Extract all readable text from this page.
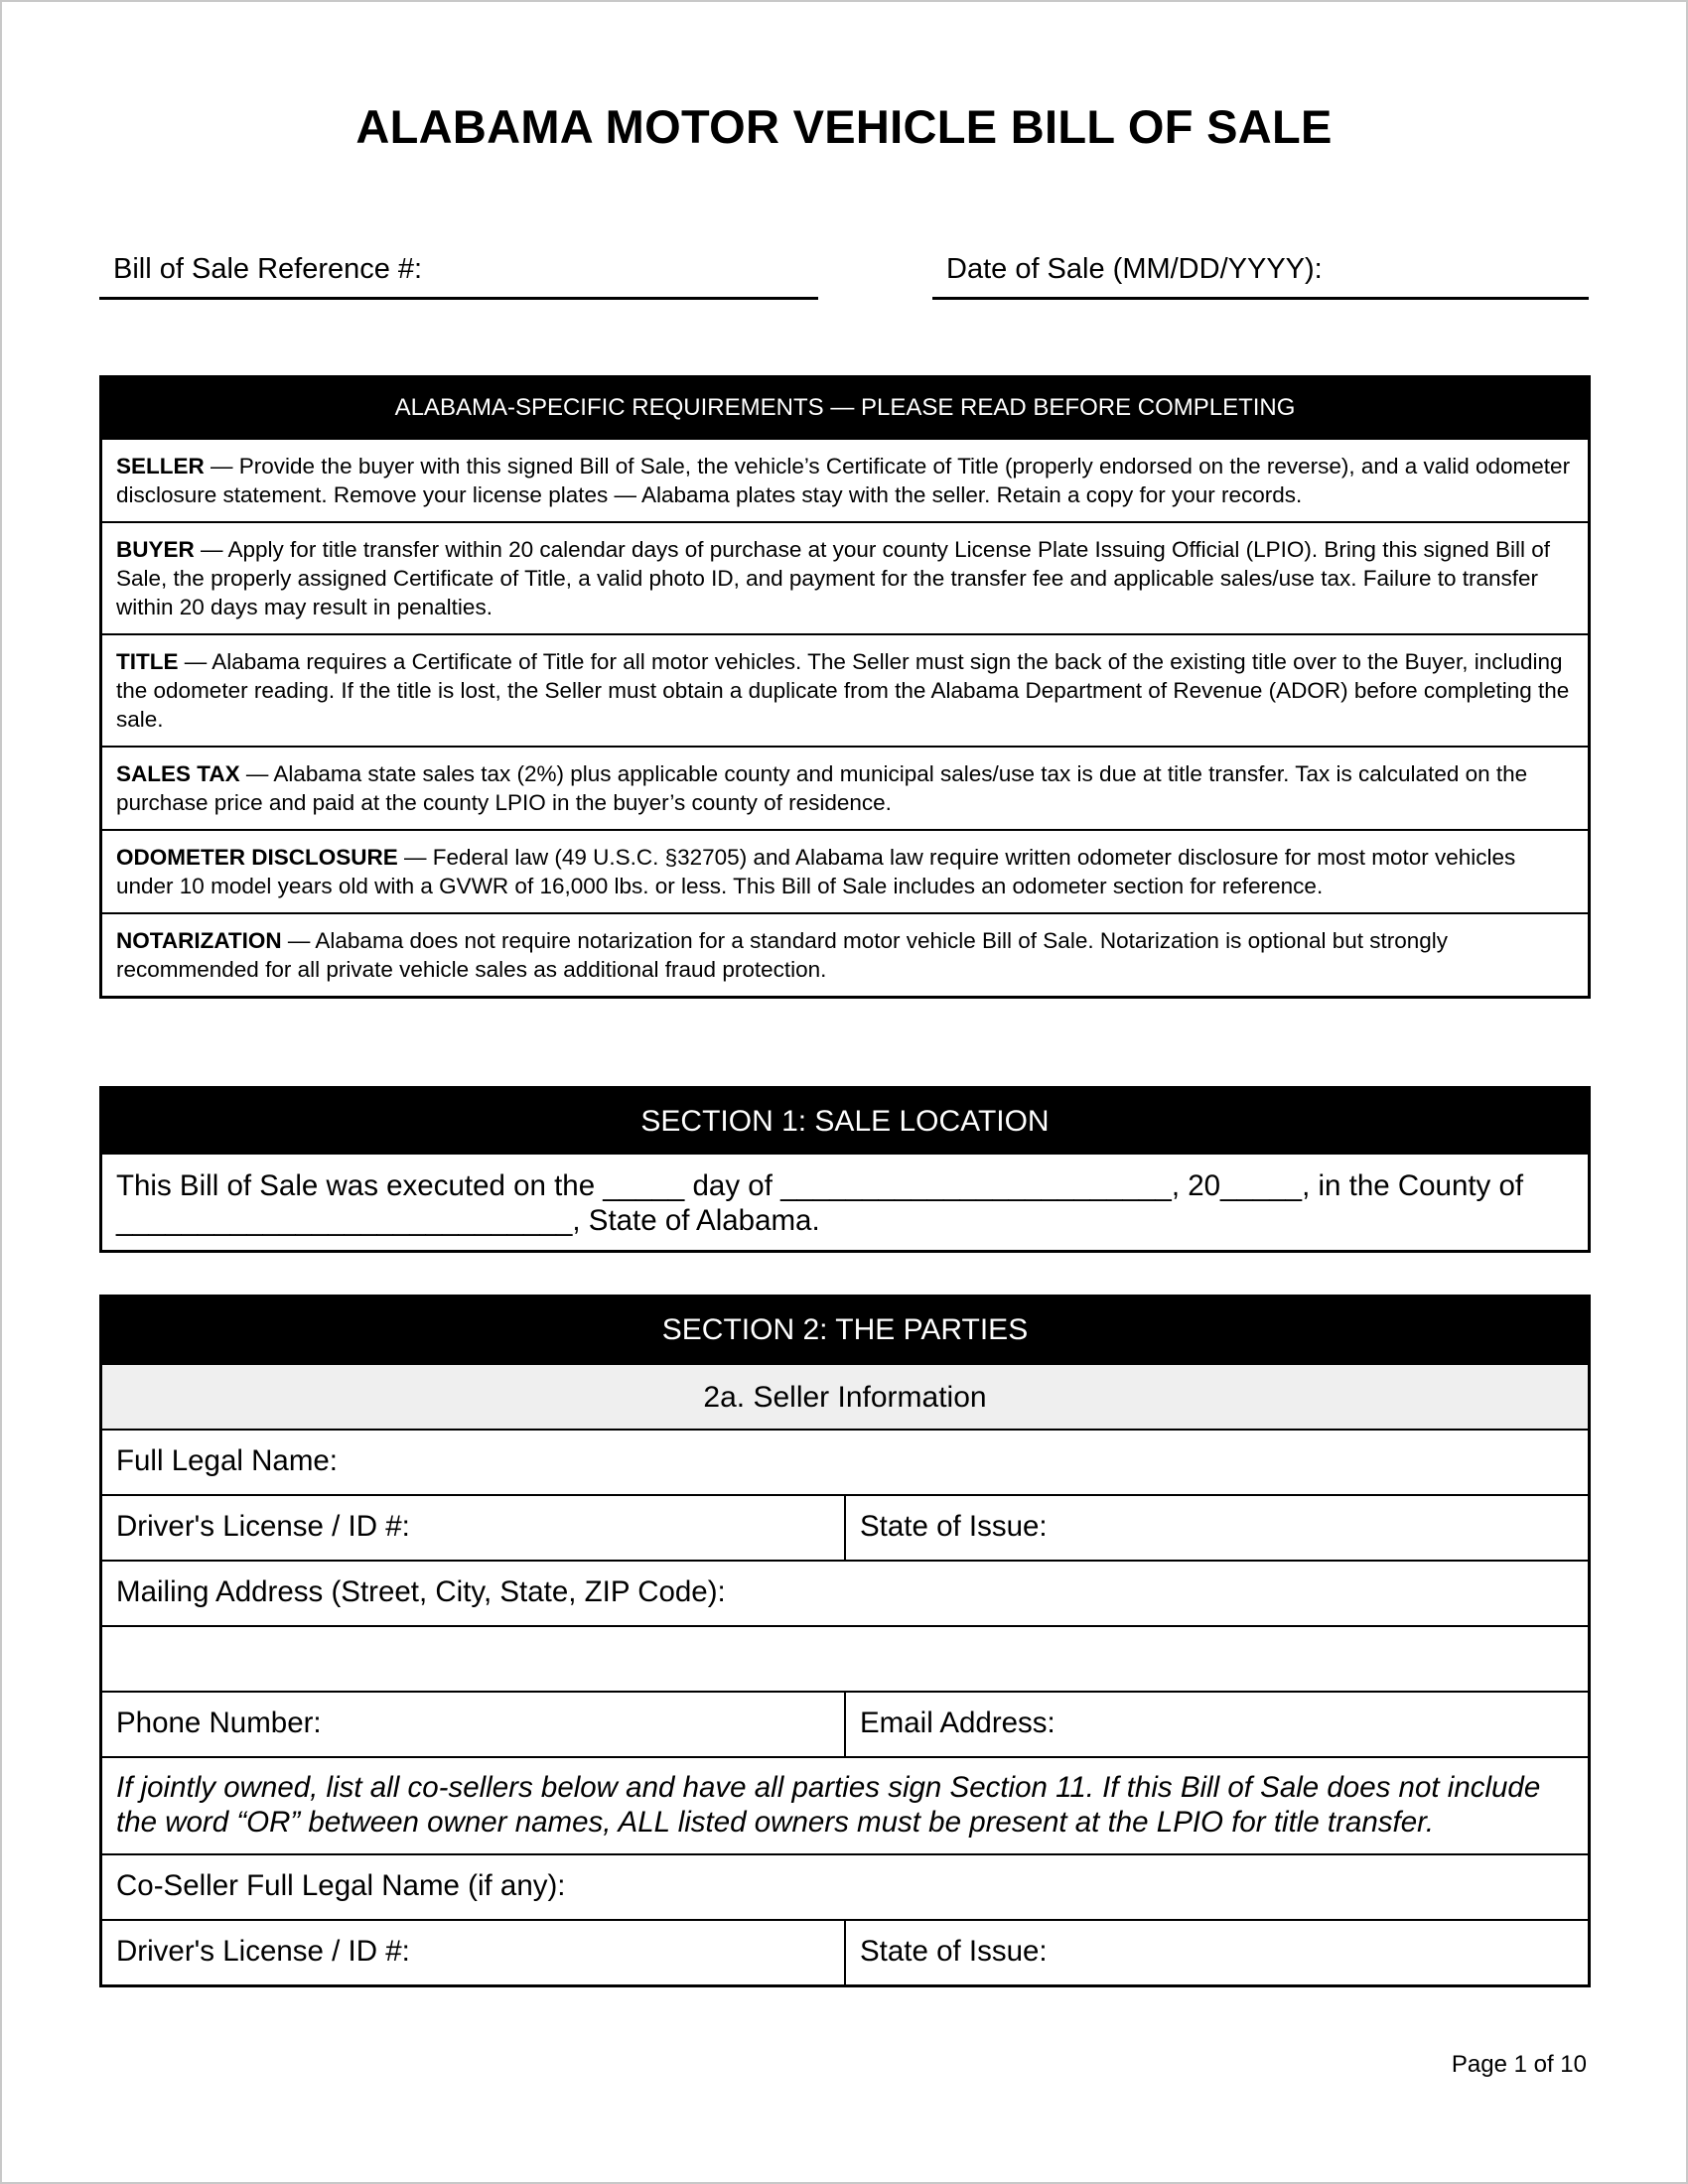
ALABAMA MOTOR VEHICLE BILL OF SALE
Bill of Sale Reference #:	Date of Sale (MM/DD/YYYY):
ALABAMA-SPECIFIC REQUIREMENTS — PLEASE READ BEFORE COMPLETING
SELLER — Provide the buyer with this signed Bill of Sale, the vehicle’s Certificate of Title (properly endorsed on the reverse), and a valid odometer disclosure statement. Remove your license plates — Alabama plates stay with the seller. Retain a copy for your records.
BUYER — Apply for title transfer within 20 calendar days of purchase at your county License Plate Issuing Official (LPIO). Bring this signed Bill of Sale, the properly assigned Certificate of Title, a valid photo ID, and payment for the transfer fee and applicable sales/use tax. Failure to transfer within 20 days may result in penalties.
TITLE — Alabama requires a Certificate of Title for all motor vehicles. The Seller must sign the back of the existing title over to the Buyer, including the odometer reading. If the title is lost, the Seller must obtain a duplicate from the Alabama Department of Revenue (ADOR) before completing the sale.
SALES TAX — Alabama state sales tax (2%) plus applicable county and municipal sales/use tax is due at title transfer. Tax is calculated on the purchase price and paid at the county LPIO in the buyer’s county of residence.
ODOMETER DISCLOSURE — Federal law (49 U.S.C. §32705) and Alabama law require written odometer disclosure for most motor vehicles under 10 model years old with a GVWR of 16,000 lbs. or less. This Bill of Sale includes an odometer section for reference.
NOTARIZATION — Alabama does not require notarization for a standard motor vehicle Bill of Sale. Notarization is optional but strongly recommended for all private vehicle sales as additional fraud protection.
SECTION 1: SALE LOCATION
This Bill of Sale was executed on the _____ day of ________________________, 20_____, in the County of ____________________________, State of Alabama.
SECTION 2: THE PARTIES
2a. Seller Information
Full Legal Name:
Driver's License / ID #:	State of Issue:
Mailing Address (Street, City, State, ZIP Code):
Phone Number:	Email Address:
If jointly owned, list all co-sellers below and have all parties sign Section 11. If this Bill of Sale does not include the word “OR” between owner names, ALL listed owners must be present at the LPIO for title transfer.
Co-Seller Full Legal Name (if any):
Driver's License / ID #:	State of Issue:
Page 1 of 10
